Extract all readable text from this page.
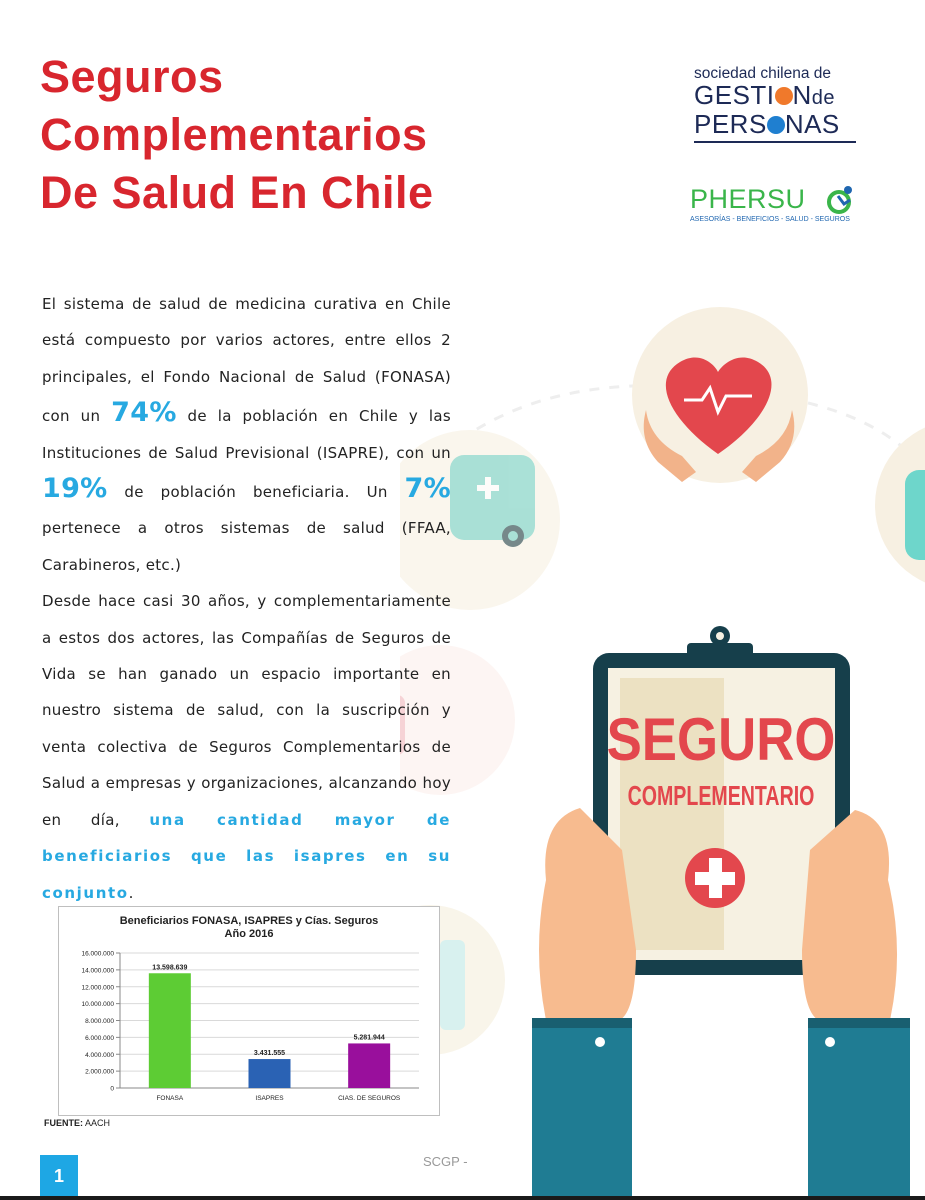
Seguros
Complementarios
De Salud En Chile
sociedad chilena de
GESTI Nde
PERS NAS
PHERSU
ASESORÍAS - BENEFICIOS - SALUD - SEGUROS
SEGURO
COMPLEMENTARIO

El sistema de salud de medicina curativa en Chile está compuesto por varios actores, entre ellos 2 principales, el Fondo Nacional de Salud (FONASA) con un 74% de la población en Chile y las Instituciones de Salud Previsional (ISAPRE), con un 19% de población beneficiaria. Un 7% pertenece a otros sistemas de salud (FFAA, Carabineros, etc.)

Desde hace casi 30 años, y complementariamente a estos dos actores, las Compañías de Seguros de Vida se han ganado un espacio importante en nuestro sistema de salud, con la suscripción y venta colectiva de Seguros Complementarios de Salud a empresas y organizaciones, alcanzando hoy en día, una cantidad mayor de beneficiarios que las isapres en su conjunto.

Beneficiarios FONASA, ISAPRES y Cías. Seguros
Año 2016
0
2.000.000
4.000.000
6.000.000
8.000.000
10.000.000
12.000.000
14.000.000
16.000.000
13.598.639
FONASA
3.431.555
ISAPRES
5.281.944
CIAS. DE SEGUROS
FUENTE: AACH
1
SCGP -
